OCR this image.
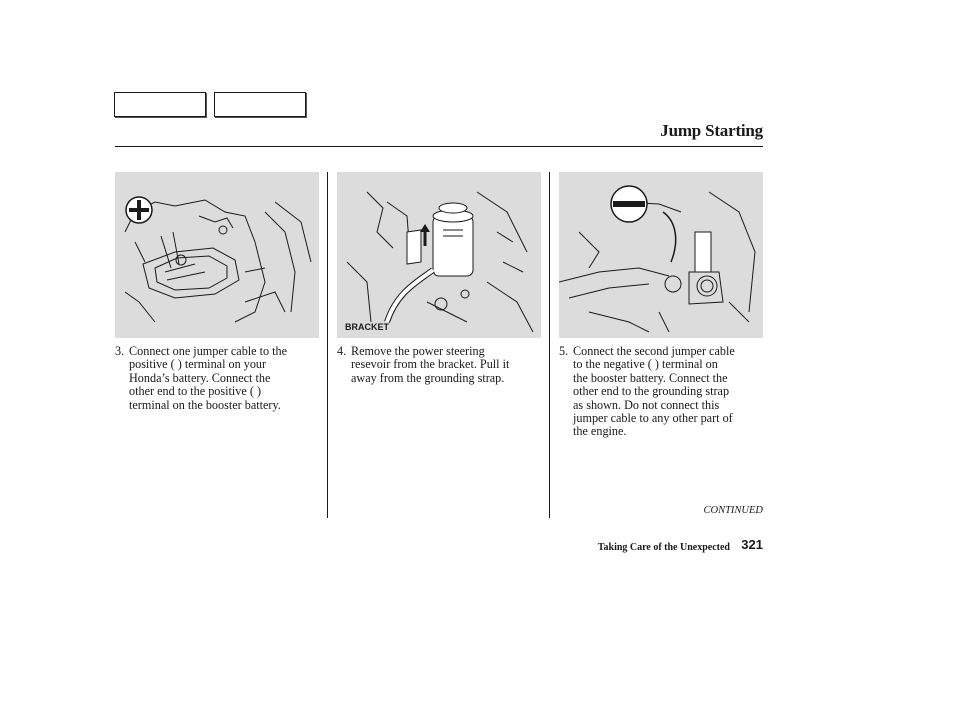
Jump Starting
BRACKET
3. Connect one jumper cable to the
positive ( ) terminal on your
Honda’s battery. Connect the
other end to the positive ( )
terminal on the booster battery.
4. Remove the power steering
resevoir from the bracket. Pull it
away from the grounding strap.
5. Connect the second jumper cable
to the negative ( ) terminal on
the booster battery. Connect the
other end to the grounding strap
as shown. Do not connect this
jumper cable to any other part of
the engine.
CONTINUED
Taking Care of the Unexpected 321
